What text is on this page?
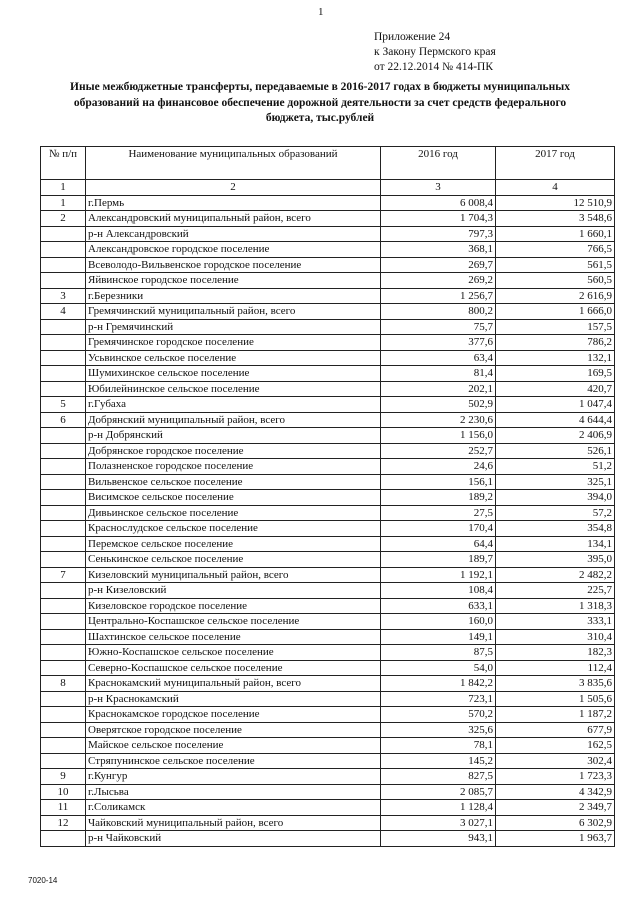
1
Приложение 24
к Закону Пермского края
от 22.12.2014 № 414-ПК
Иные межбюджетные трансферты, передаваемые в 2016-2017 годах в бюджеты муниципальных
образований на финансовое обеспечение дорожной деятельности за счет средств федерального
бюджета, тыс.рублей
№ п/п	Наименование муниципальных образований	2016 год	2017 год
1	2	3	4
1	г.Пермь	6 008,4	12 510,9
2	Александровский муниципальный район, всего	1 704,3	3 548,6
	р-н Александровский	797,3	1 660,1
	Александровское городское поселение	368,1	766,5
	Всеволодо-Вильвенское городское поселение	269,7	561,5
	Яйвинское городское поселение	269,2	560,5
3	г.Березники	1 256,7	2 616,9
4	Гремячинский муниципальный район, всего	800,2	1 666,0
	р-н Гремячинский	75,7	157,5
	Гремячинское городское поселение	377,6	786,2
	Усьвинское сельское поселение	63,4	132,1
	Шумихинское сельское поселение	81,4	169,5
	Юбилейнинское сельское поселение	202,1	420,7
5	г.Губаха	502,9	1 047,4
6	Добрянский муниципальный район, всего	2 230,6	4 644,4
	р-н Добрянский	1 156,0	2 406,9
	Добрянское городское поселение	252,7	526,1
	Полазненское городское поселение	24,6	51,2
	Вильвенское сельское поселение	156,1	325,1
	Висимское сельское поселение	189,2	394,0
	Дивьинское сельское поселение	27,5	57,2
	Краснослудское сельское поселение	170,4	354,8
	Перемское сельское поселение	64,4	134,1
	Сенькинское сельское поселение	189,7	395,0
7	Кизеловский муниципальный район, всего	1 192,1	2 482,2
	р-н Кизеловский	108,4	225,7
	Кизеловское городское поселение	633,1	1 318,3
	Центрально-Коспашское сельское поселение	160,0	333,1
	Шахтинское сельское поселение	149,1	310,4
	Южно-Коспашское сельское поселение	87,5	182,3
	Северно-Коспашское сельское поселение	54,0	112,4
8	Краснокамский муниципальный район, всего	1 842,2	3 835,6
	р-н Краснокамский	723,1	1 505,6
	Краснокамское городское поселение	570,2	1 187,2
	Оверятское городское поселение	325,6	677,9
	Майское сельское поселение	78,1	162,5
	Стряпунинское сельское поселение	145,2	302,4
9	г.Кунгур	827,5	1 723,3
10	г.Лысьва	2 085,7	4 342,9
11	г.Соликамск	1 128,4	2 349,7
12	Чайковский муниципальный район, всего	3 027,1	6 302,9
	р-н Чайковский	943,1	1 963,7
7020-14
